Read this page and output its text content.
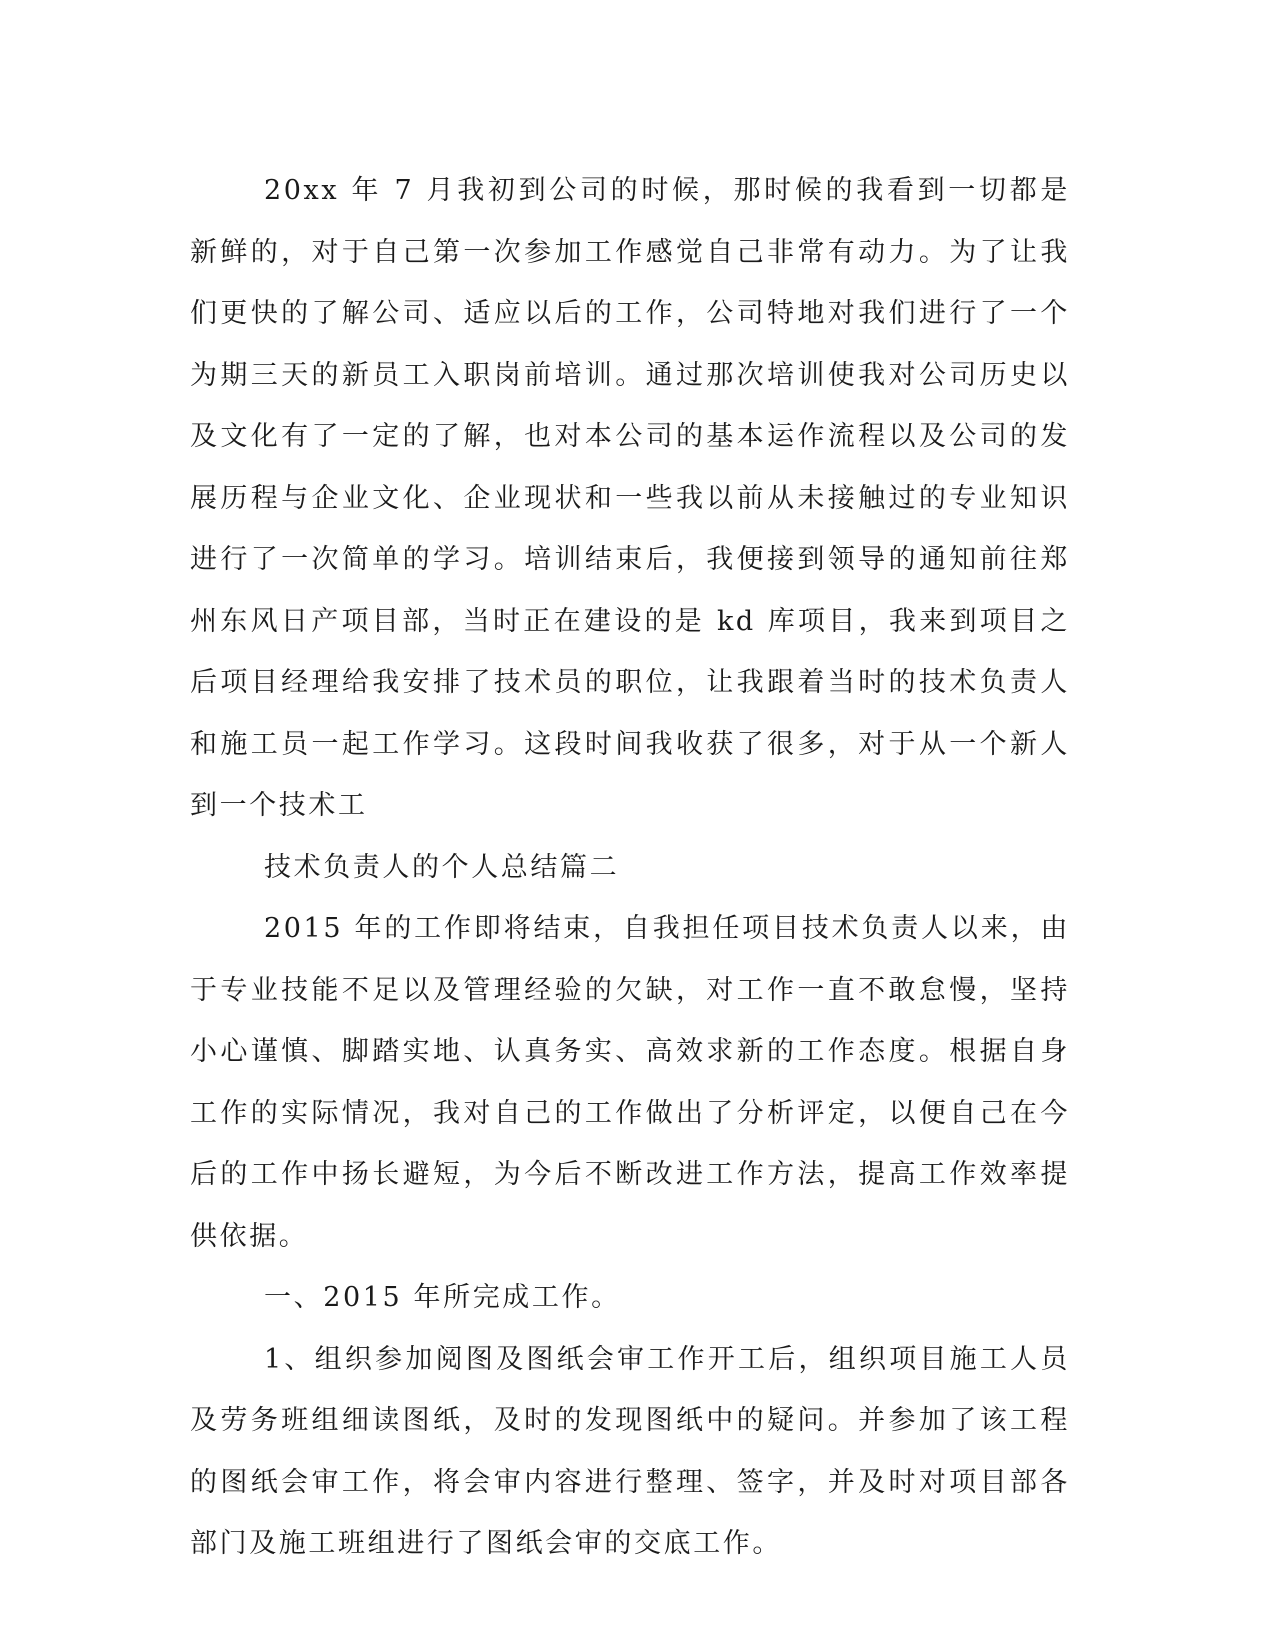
20xx 年 7 月我初到公司的时候，那时候的我看到一切都是新鲜的，对于自己第一次参加工作感觉自己非常有动力。为了让我们更快的了解公司、适应以后的工作，公司特地对我们进行了一个为期三天的新员工入职岗前培训。通过那次培训使我对公司历史以及文化有了一定的了解，也对本公司的基本运作流程以及公司的发展历程与企业文化、企业现状和一些我以前从未接触过的专业知识进行了一次简单的学习。培训结束后，我便接到领导的通知前往郑州东风日产项目部，当时正在建设的是 kd 库项目，我来到项目之后项目经理给我安排了技术员的职位，让我跟着当时的技术负责人和施工员一起工作学习。这段时间我收获了很多，对于从一个新人到一个技术工

技术负责人的个人总结篇二

2015 年的工作即将结束，自我担任项目技术负责人以来，由于专业技能不足以及管理经验的欠缺，对工作一直不敢怠慢，坚持小心谨慎、脚踏实地、认真务实、高效求新的工作态度。根据自身工作的实际情况，我对自己的工作做出了分析评定，以便自己在今后的工作中扬长避短，为今后不断改进工作方法，提高工作效率提供依据。

一、2015 年所完成工作。

1、组织参加阅图及图纸会审工作开工后，组织项目施工人员及劳务班组细读图纸，及时的发现图纸中的疑问。并参加了该工程的图纸会审工作，将会审内容进行整理、签字，并及时对项目部各部门及施工班组进行了图纸会审的交底工作。
